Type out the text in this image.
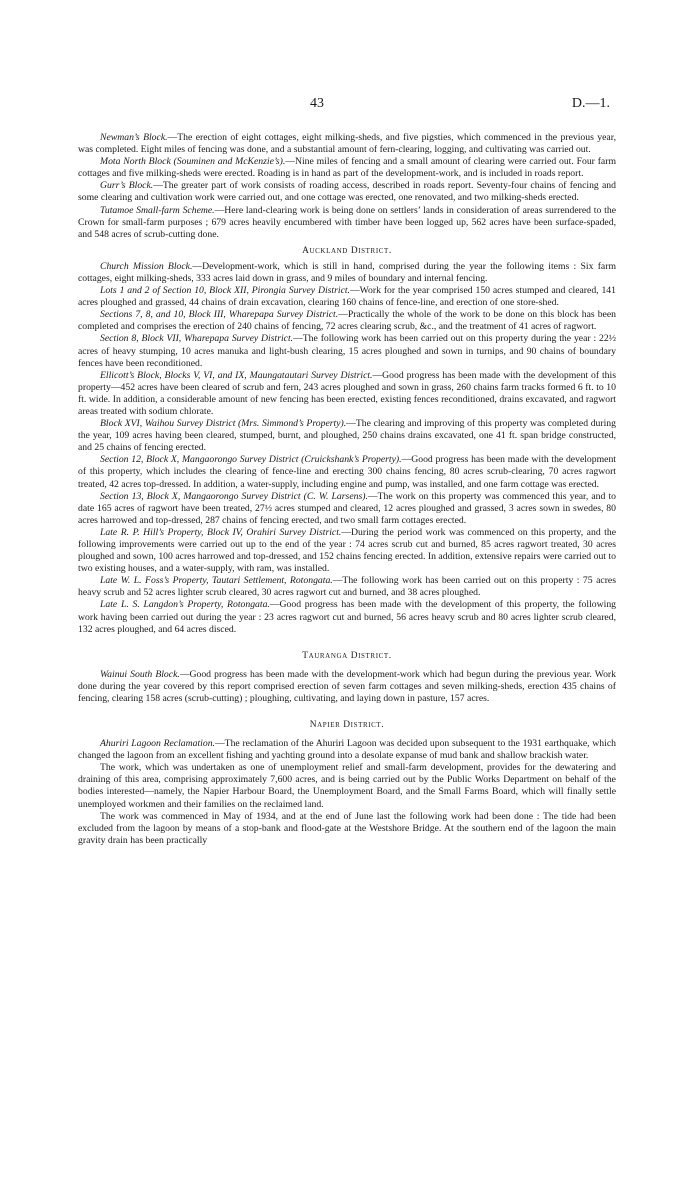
43	D.—1.

Newman’s Block.—The erection of eight cottages, eight milking-sheds, and five pigsties, which commenced in the previous year, was completed. Eight miles of fencing was done, and a substantial amount of fern-clearing, logging, and cultivating was carried out.

Mota North Block (Souminen and McKenzie’s).—Nine miles of fencing and a small amount of clearing were carried out. Four farm cottages and five milking-sheds were erected. Roading is in hand as part of the development-work, and is included in roads report.

Gurr’s Block.—The greater part of work consists of roading access, described in roads report. Seventy-four chains of fencing and some clearing and cultivation work were carried out, and one cottage was erected, one renovated, and two milking-sheds erected.

Tutamoe Small-farm Scheme.—Here land-clearing work is being done on settlers’ lands in consideration of areas surrendered to the Crown for small-farm purposes ; 679 acres heavily encumbered with timber have been logged up, 562 acres have been surface-spaded, and 548 acres of scrub-cutting done.

Auckland District.

Church Mission Block.—Development-work, which is still in hand, comprised during the year the following items : Six farm cottages, eight milking-sheds, 333 acres laid down in grass, and 9 miles of boundary and internal fencing.

Lots 1 and 2 of Section 10, Block XII, Pirongia Survey District.—Work for the year comprised 150 acres stumped and cleared, 141 acres ploughed and grassed, 44 chains of drain excavation, clearing 160 chains of fence-line, and erection of one store-shed.

Sections 7, 8, and 10, Block III, Wharepapa Survey District.—Practically the whole of the work to be done on this block has been completed and comprises the erection of 240 chains of fencing, 72 acres clearing scrub, &c., and the treatment of 41 acres of ragwort.

Section 8, Block VII, Wharepapa Survey District.—The following work has been carried out on this property during the year : 22½ acres of heavy stumping, 10 acres manuka and light-bush clearing, 15 acres ploughed and sown in turnips, and 90 chains of boundary fences have been reconditioned.

Ellicott’s Block, Blocks V, VI, and IX, Maungatautari Survey District.—Good progress has been made with the development of this property—452 acres have been cleared of scrub and fern, 243 acres ploughed and sown in grass, 260 chains farm tracks formed 6 ft. to 10 ft. wide. In addition, a considerable amount of new fencing has been erected, existing fences reconditioned, drains excavated, and ragwort areas treated with sodium chlorate.

Block XVI, Waihou Survey District (Mrs. Simmond’s Property).—The clearing and improving of this property was completed during the year, 109 acres having been cleared, stumped, burnt, and ploughed, 250 chains drains excavated, one 41 ft. span bridge constructed, and 25 chains of fencing erected.

Section 12, Block X, Mangaorongo Survey District (Cruickshank’s Property).—Good progress has been made with the development of this property, which includes the clearing of fence-line and erecting 300 chains fencing, 80 acres scrub-clearing, 70 acres ragwort treated, 42 acres top-dressed. In addition, a water-supply, including engine and pump, was installed, and one farm cottage was erected.

Section 13, Block X, Mangaorongo Survey District (C. W. Larsens).—The work on this property was commenced this year, and to date 165 acres of ragwort have been treated, 27½ acres stumped and cleared, 12 acres ploughed and grassed, 3 acres sown in swedes, 80 acres harrowed and top-dressed, 287 chains of fencing erected, and two small farm cottages erected.

Late R. P. Hill’s Property, Block IV, Orahiri Survey District.—During the period work was commenced on this property, and the following improvements were carried out up to the end of the year : 74 acres scrub cut and burned, 85 acres ragwort treated, 30 acres ploughed and sown, 100 acres harrowed and top-dressed, and 152 chains fencing erected. In addition, extensive repairs were carried out to two existing houses, and a water-supply, with ram, was installed.

Late W. L. Foss’s Property, Tautari Settlement, Rotongata.—The following work has been carried out on this property : 75 acres heavy scrub and 52 acres lighter scrub cleared, 30 acres ragwort cut and burned, and 38 acres ploughed.

Late L. S. Langdon’s Property, Rotongata.—Good progress has been made with the development of this property, the following work having been carried out during the year : 23 acres ragwort cut and burned, 56 acres heavy scrub and 80 acres lighter scrub cleared, 132 acres ploughed, and 64 acres disced.

Tauranga District.

Wainui South Block.—Good progress has been made with the development-work which had begun during the previous year. Work done during the year covered by this report comprised erection of seven farm cottages and seven milking-sheds, erection 435 chains of fencing, clearing 158 acres (scrub-cutting) ; ploughing, cultivating, and laying down in pasture, 157 acres.

Napier District.

Ahuriri Lagoon Reclamation.—The reclamation of the Ahuriri Lagoon was decided upon subsequent to the 1931 earthquake, which changed the lagoon from an excellent fishing and yachting ground into a desolate expanse of mud bank and shallow brackish water.

The work, which was undertaken as one of unemployment relief and small-farm development, provides for the dewatering and draining of this area, comprising approximately 7,600 acres, and is being carried out by the Public Works Department on behalf of the bodies interested—namely, the Napier Harbour Board, the Unemployment Board, and the Small Farms Board, which will finally settle unemployed workmen and their families on the reclaimed land.

The work was commenced in May of 1934, and at the end of June last the following work had been done : The tide had been excluded from the lagoon by means of a stop-bank and flood-gate at the Westshore Bridge. At the southern end of the lagoon the main gravity drain has been practically
